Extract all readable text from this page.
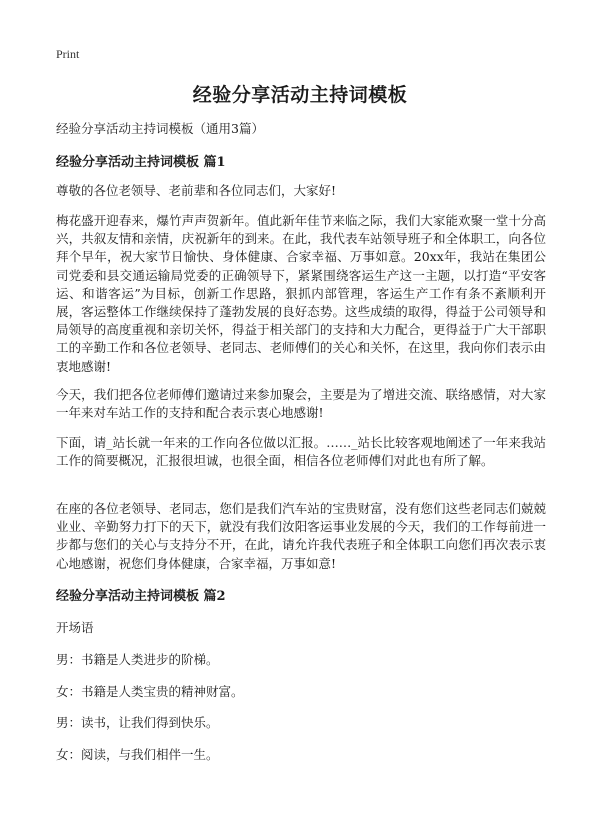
Print
经验分享活动主持词模板
经验分享活动主持词模板（通用3篇）
经验分享活动主持词模板 篇1

尊敬的各位老领导、老前辈和各位同志们，大家好!

梅花盛开迎春来，爆竹声声贺新年。值此新年佳节来临之际，我们大家能欢聚一堂十分高兴，共叙友情和亲情，庆祝新年的到来。在此，我代表车站领导班子和全体职工，向各位拜个早年，祝大家节日愉快、身体健康、合家幸福、万事如意。20xx年，我站在集团公司党委和县交通运输局党委的正确领导下，紧紧围绕客运生产这一主题，以打造“平安客运、和谐客运”为目标，创新工作思路，狠抓内部管理，客运生产工作有条不紊顺利开展，客运整体工作继续保持了蓬勃发展的良好态势。这些成绩的取得，得益于公司领导和局领导的高度重视和亲切关怀，得益于相关部门的支持和大力配合，更得益于广大干部职工的辛勤工作和各位老领导、老同志、老师傅们的关心和关怀，在这里，我向你们表示由衷地感谢!

今天，我们把各位老师傅们邀请过来参加聚会，主要是为了增进交流、联络感情，对大家一年来对车站工作的支持和配合表示衷心地感谢!

下面，请_站长就一年来的工作向各位做以汇报。……_站长比较客观地阐述了一年来我站工作的简要概况，汇报很坦诚，也很全面，相信各位老师傅们对此也有所了解。

在座的各位老领导、老同志，您们是我们汽车站的宝贵财富，没有您们这些老同志们兢兢业业、辛勤努力打下的天下，就没有我们汝阳客运事业发展的今天，我们的工作每前进一步都与您们的关心与支持分不开，在此，请允许我代表班子和全体职工向您们再次表示衷心地感谢，祝您们身体健康，合家幸福，万事如意!

经验分享活动主持词模板 篇2
开场语
男：书籍是人类进步的阶梯。
女：书籍是人类宝贵的精神财富。
男：读书，让我们得到快乐。
女：阅读，与我们相伴一生。
